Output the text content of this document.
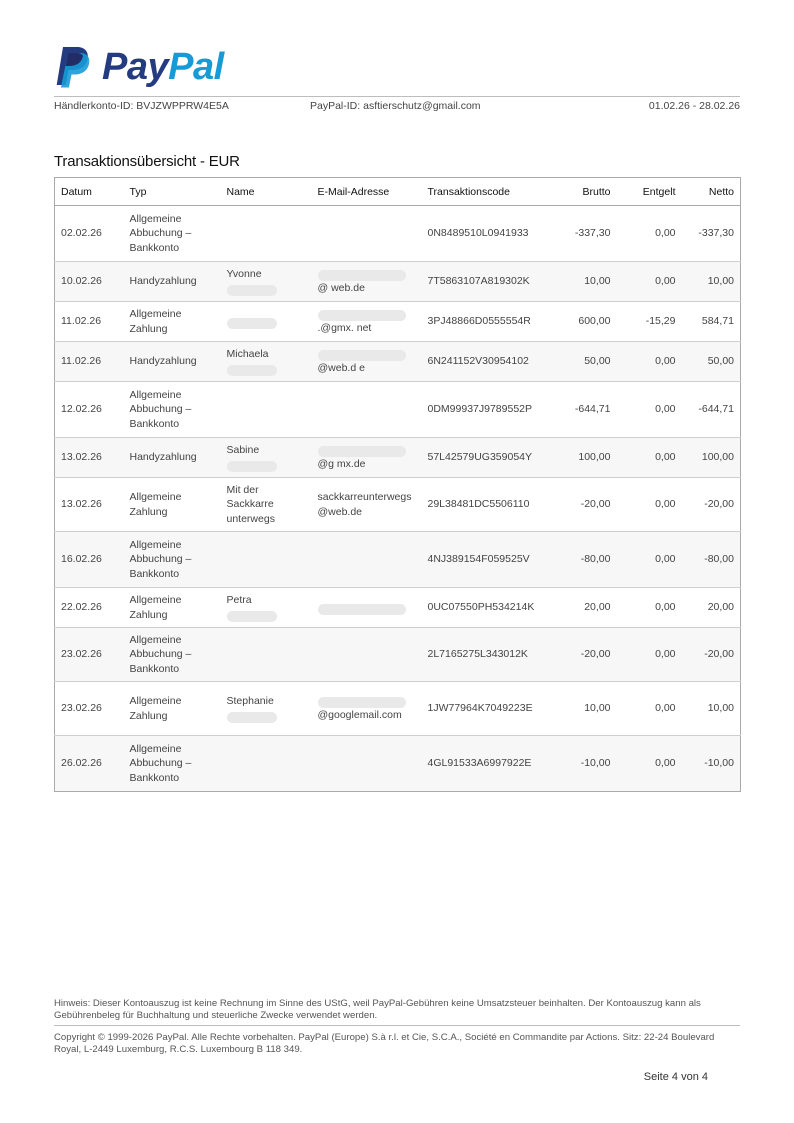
PayPal
Händlerkonto-ID: BVJZWPPRW4E5A	PayPal-ID: asftierschutz@gmail.com	01.02.26 - 28.02.26
Transaktionsübersicht - EUR
Datum	Typ	Name	E-Mail-Adresse	Transaktionscode	Brutto	Entgelt	Netto
02.02.26	Allgemeine Abbuchung – Bankkonto			0N8489510L0941933	-337,30	0,00	-337,30
10.02.26	Handyzahlung	Yvonne	@ web.de	7T5863107A819302K	10,00	0,00	10,00
11.02.26	Allgemeine Zahlung		.@gmx. net	3PJ48866D0555554R	600,00	-15,29	584,71
11.02.26	Handyzahlung	Michaela	@web.d e	6N241152V30954102	50,00	0,00	50,00
12.02.26	Allgemeine Abbuchung – Bankkonto			0DM99937J9789552P	-644,71	0,00	-644,71
13.02.26	Handyzahlung	Sabine	@g mx.de	57L42579UG359054Y	100,00	0,00	100,00
13.02.26	Allgemeine Zahlung	Mit der Sackkarre unterwegs	sackkarreunterwegs @web.de	29L38481DC5506110	-20,00	0,00	-20,00
16.02.26	Allgemeine Abbuchung – Bankkonto			4NJ389154F059525V	-80,00	0,00	-80,00
22.02.26	Allgemeine Zahlung	Petra		0UC07550PH534214K	20,00	0,00	20,00
23.02.26	Allgemeine Abbuchung – Bankkonto			2L7165275L343012K	-20,00	0,00	-20,00
23.02.26	Allgemeine Zahlung	Stephanie	@googlemail.com	1JW77964K7049223E	10,00	0,00	10,00
26.02.26	Allgemeine Abbuchung – Bankkonto			4GL91533A6997922E	-10,00	0,00	-10,00
Hinweis: Dieser Kontoauszug ist keine Rechnung im Sinne des UStG, weil PayPal-Gebühren keine Umsatzsteuer beinhalten. Der Kontoauszug kann als Gebührenbeleg für Buchhaltung und steuerliche Zwecke verwendet werden.
Copyright © 1999-2026 PayPal. Alle Rechte vorbehalten. PayPal (Europe) S.à r.l. et Cie, S.C.A., Société en Commandite par Actions. Sitz: 22-24 Boulevard Royal, L-2449 Luxemburg, R.C.S. Luxembourg B 118 349.
Seite 4 von 4
